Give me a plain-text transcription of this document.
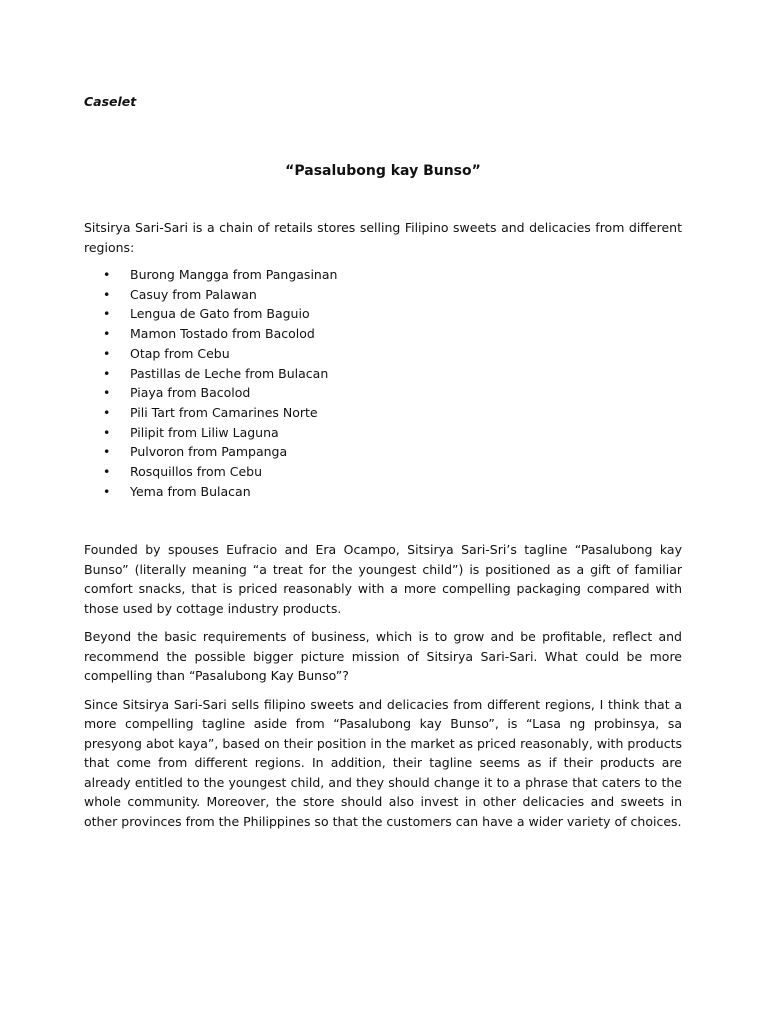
Caselet

“Pasalubong kay Bunso”

Sitsirya Sari-Sari is a chain of retails stores selling Filipino sweets and delicacies from different regions:

• Burong Mangga from Pangasinan
• Casuy from Palawan
• Lengua de Gato from Baguio
• Mamon Tostado from Bacolod
• Otap from Cebu
• Pastillas de Leche from Bulacan
• Piaya from Bacolod
• Pili Tart from Camarines Norte
• Pilipit from Liliw Laguna
• Pulvoron from Pampanga
• Rosquillos from Cebu
• Yema from Bulacan

Founded by spouses Eufracio and Era Ocampo, Sitsirya Sari-Sri’s tagline “Pasalubong kay Bunso” (literally meaning “a treat for the youngest child”) is positioned as a gift of familiar comfort snacks, that is priced reasonably with a more compelling packaging compared with those used by cottage industry products.

Beyond the basic requirements of business, which is to grow and be profitable, reflect and recommend the possible bigger picture mission of Sitsirya Sari-Sari. What could be more compelling than “Pasalubong Kay Bunso”?

Since Sitsirya Sari-Sari sells filipino sweets and delicacies from different regions, I think that a more compelling tagline aside from “Pasalubong kay Bunso”, is “Lasa ng probinsya, sa presyong abot kaya”, based on their position in the market as priced reasonably, with products that come from different regions. In addition, their tagline seems as if their products are already entitled to the youngest child, and they should change it to a phrase that caters to the whole community. Moreover, the store should also invest in other delicacies and sweets in other provinces from the Philippines so that the customers can have a wider variety of choices.
